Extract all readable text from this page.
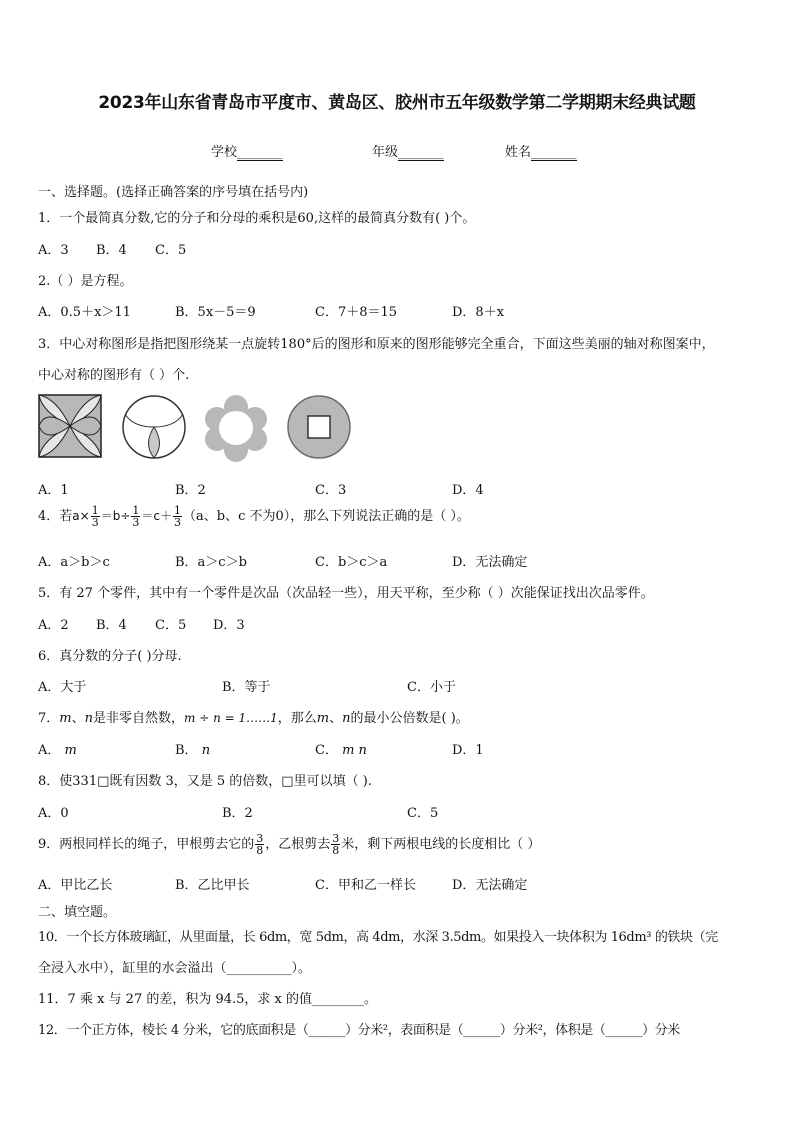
2023年山东省青岛市平度市、黄岛区、胶州市五年级数学第二学期期末经典试题
学校_______	年级_______	姓名_______
一、选择题。(选择正确答案的序号填在括号内)
1．一个最简真分数,它的分子和分母的乘积是60,这样的最简真分数有( )个。
A．3 B．4 C．5
2.（ ）是方程。
A．0.5＋x＞11	B．5x－5＝9	C．7＋8＝15	D．8＋x
3．中心对称图形是指把图形绕某一点旋转180°后的图形和原来的图形能够完全重合，下面这些美丽的轴对称图案中，
中心对称的图形有（ ）个.
A．1	B．2	C．3	D．4
4．若$a\times \frac{1}{3} =b\div \frac{1}{3} =c+ \frac{1}{3} (a$、b、c 不为0），那么下列说法正确的是（ ）。
A．a＞b＞c	B．a＞c＞b	C．b＞c＞a	D．无法确定
5．有 27 个零件，其中有一个零件是次品（次品轻一些），用天平称，至少称（ ）次能保证找出次品零件。
A．2 B．4 C．5 D．3
6．真分数的分子( )分母.
A．大于	B．等于	C．小于
7．m、n是非零自然数，m ÷ n = 1……1，那么m、n的最小公倍数是( )。
A． m	B． n	C． m n	D．1
8．使331□既有因数 3，又是 5 的倍数，□里可以填（ ).
A．0	B．2	C．5
9．两根同样长的绳子，甲根剪去它的 $\frac{3}{8}$ ，乙根剪去 $\frac{3}{8}$ 米，剩下两根电线的长度相比（ ）
A．甲比乙长	B．乙比甲长	C．甲和乙一样长	D．无法确定
二、填空题。
10．一个长方体玻璃缸，从里面量，长 6dm，宽 5dm，高 4dm，水深 3.5dm。如果投入一块体积为 16dm³ 的铁块（完
全浸入水中），缸里的水会溢出（__________）。
11．7 乘 x 与 27 的差，积为 94.5，求 x 的值________。
12．一个正方体，棱长 4 分米，它的底面积是（______）分米²，表面积是（______）分米²，体积是（______）分米
